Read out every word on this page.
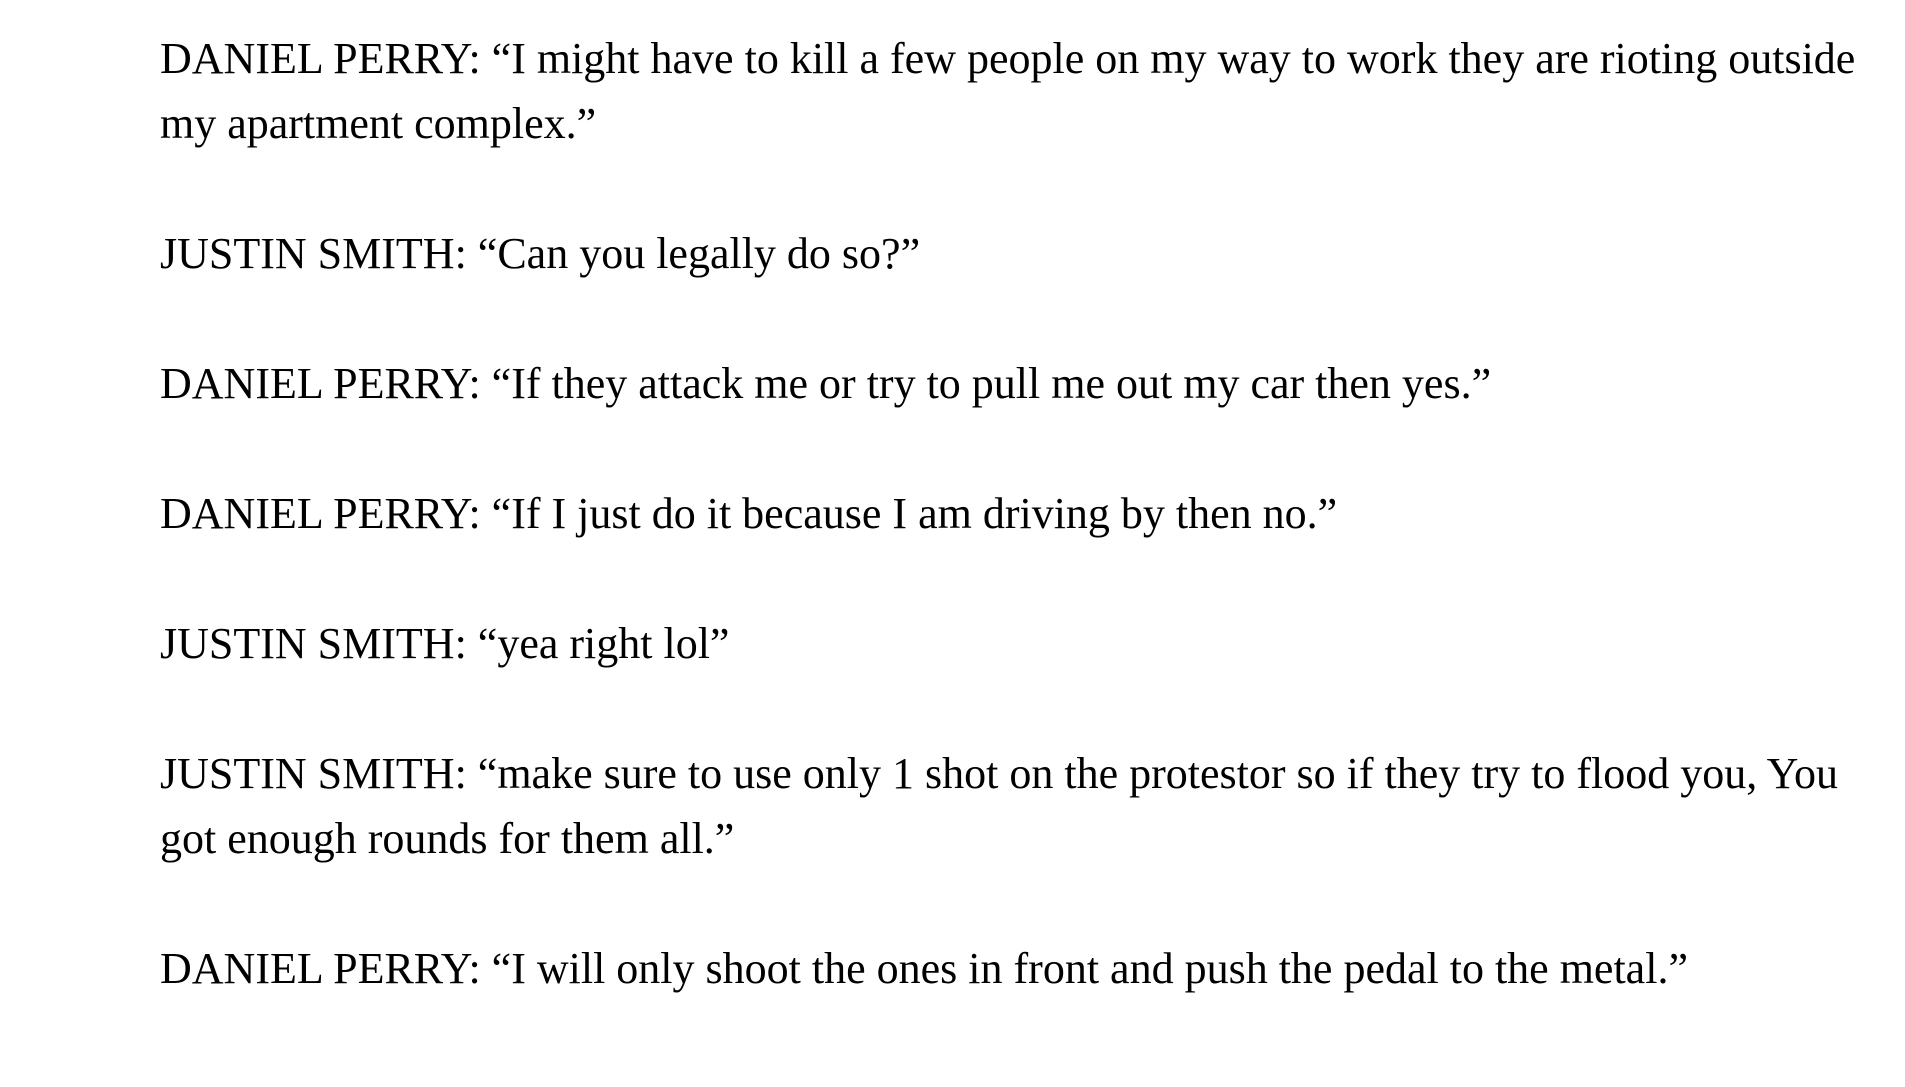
DANIEL PERRY: “I might have to kill a few people on my way to work they are rioting outside my apartment complex.”

JUSTIN SMITH: “Can you legally do so?”

DANIEL PERRY: “If they attack me or try to pull me out my car then yes.”

DANIEL PERRY: “If I just do it because I am driving by then no.”

JUSTIN SMITH: “yea right lol”

JUSTIN SMITH: “make sure to use only 1 shot on the protestor so if they try to flood you, You got enough rounds for them all.”

DANIEL PERRY: “I will only shoot the ones in front and push the pedal to the metal.”
